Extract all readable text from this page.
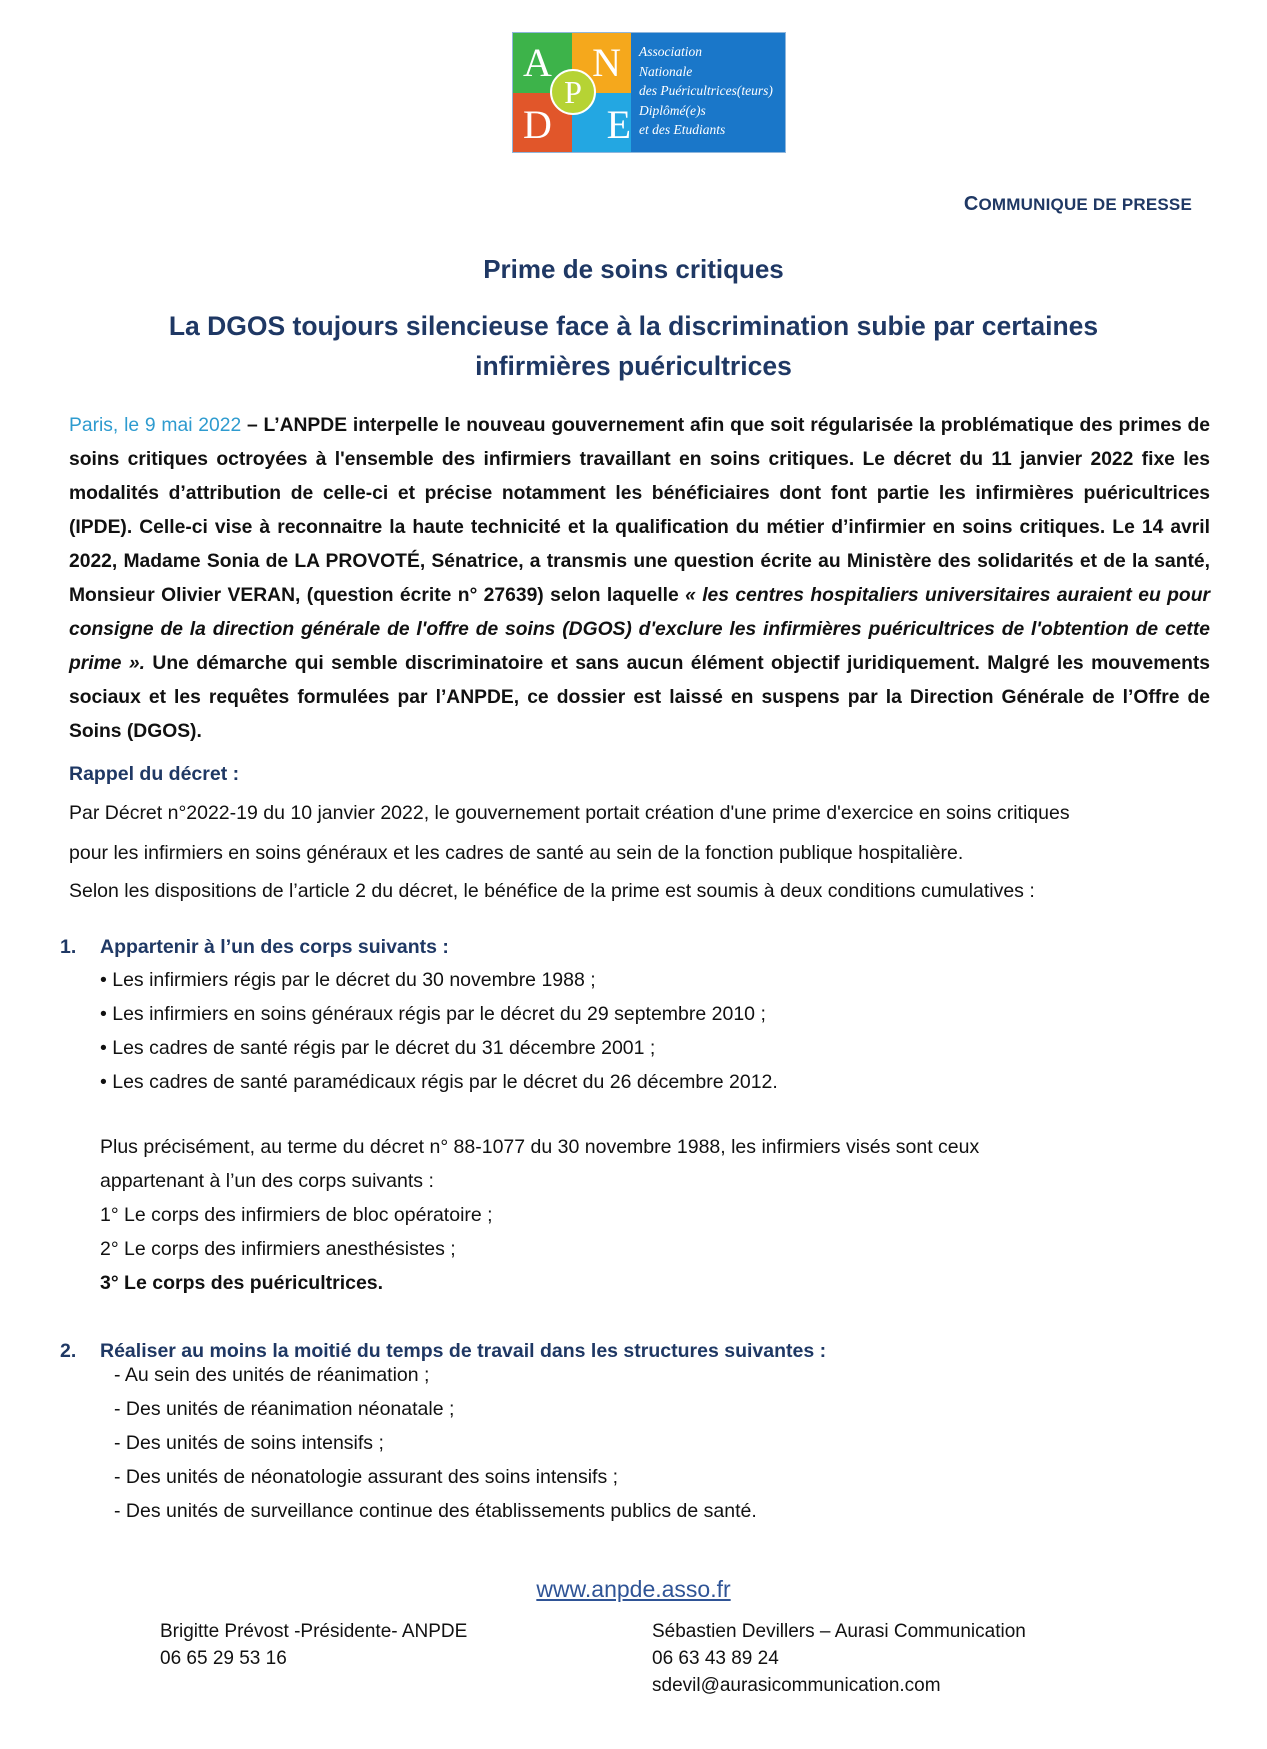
A	N
D	E
P
Association
Nationale
des Puéricultrices(teurs)
Diplômé(e)s
et des Etudiants
COMMUNIQUE DE PRESSE
Prime de soins critiques
La DGOS toujours silencieuse face à la discrimination subie par certaines
infirmières puéricultrices
Paris, le 9 mai 2022 – L’ANPDE interpelle le nouveau gouvernement afin que soit régularisée la problématique des primes de soins critiques octroyées à l'ensemble des infirmiers travaillant en soins critiques. Le décret du 11 janvier 2022 fixe les modalités d’attribution de celle-ci et précise notamment les bénéficiaires dont font partie les infirmières puéricultrices (IPDE). Celle-ci vise à reconnaitre la haute technicité et la qualification du métier d’infirmier en soins critiques. Le 14 avril 2022, Madame Sonia de LA PROVOTÉ, Sénatrice, a transmis une question écrite au Ministère des solidarités et de la santé, Monsieur Olivier VERAN, (question écrite n° 27639) selon laquelle « les centres hospitaliers universitaires auraient eu pour consigne de la direction générale de l'offre de soins (DGOS) d'exclure les infirmières puéricultrices de l'obtention de cette prime ». Une démarche qui semble discriminatoire et sans aucun élément objectif juridiquement. Malgré les mouvements sociaux et les requêtes formulées par l’ANPDE, ce dossier est laissé en suspens par la Direction Générale de l’Offre de Soins (DGOS).
Rappel du décret :
Par Décret n°2022-19 du 10 janvier 2022, le gouvernement portait création d'une prime d'exercice en soins critiques
pour les infirmiers en soins généraux et les cadres de santé au sein de la fonction publique hospitalière.
Selon les dispositions de l’article 2 du décret, le bénéfice de la prime est soumis à deux conditions cumulatives :
1. Appartenir à l’un des corps suivants :
• Les infirmiers régis par le décret du 30 novembre 1988 ;
• Les infirmiers en soins généraux régis par le décret du 29 septembre 2010 ;
• Les cadres de santé régis par le décret du 31 décembre 2001 ;
• Les cadres de santé paramédicaux régis par le décret du 26 décembre 2012.
Plus précisément, au terme du décret n° 88-1077 du 30 novembre 1988, les infirmiers visés sont ceux
appartenant à l’un des corps suivants :
1° Le corps des infirmiers de bloc opératoire ;
2° Le corps des infirmiers anesthésistes ;
3° Le corps des puéricultrices.
2. Réaliser au moins la moitié du temps de travail dans les structures suivantes :
- Au sein des unités de réanimation ;
- Des unités de réanimation néonatale ;
- Des unités de soins intensifs ;
- Des unités de néonatologie assurant des soins intensifs ;
- Des unités de surveillance continue des établissements publics de santé.
www.anpde.asso.fr
Brigitte Prévost -Présidente- ANPDE
06 65 29 53 16
Sébastien Devillers – Aurasi Communication
06 63 43 89 24
sdevil@aurasicommunication.com
